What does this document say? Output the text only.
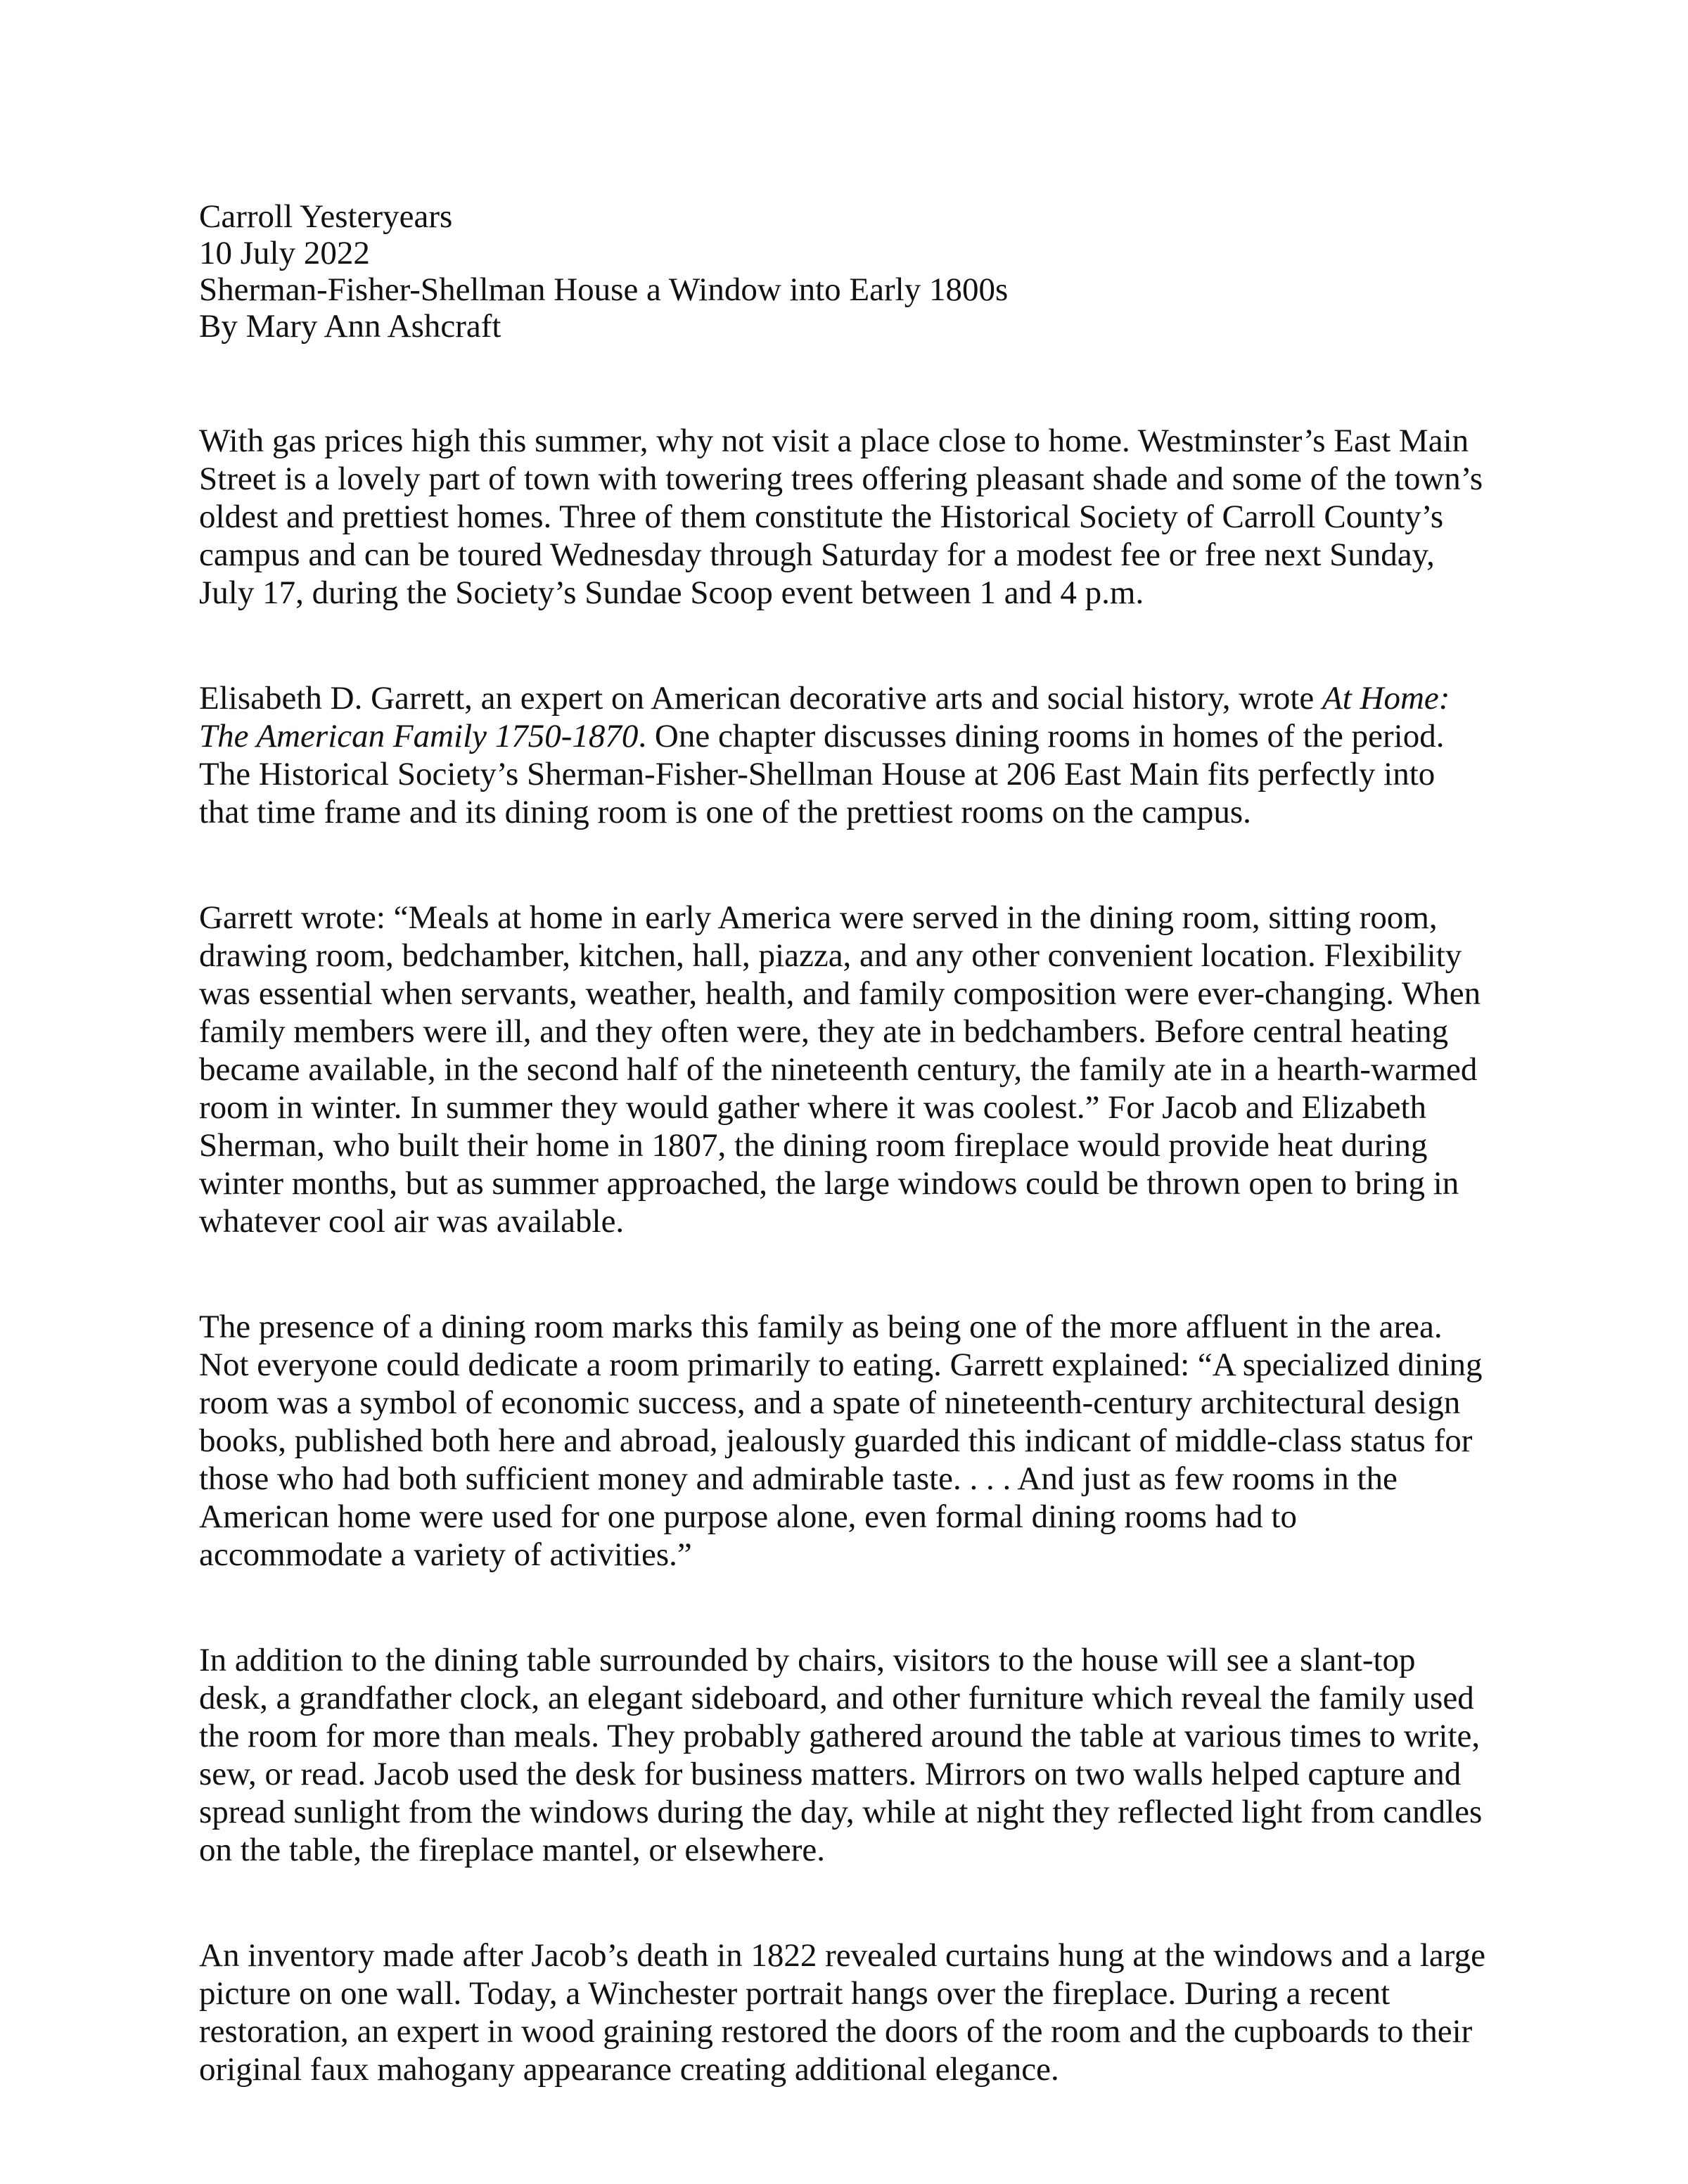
Carroll Yesteryears
10 July 2022
Sherman-Fisher-Shellman House a Window into Early 1800s
By Mary Ann Ashcraft
With gas prices high this summer, why not visit a place close to home. Westminster’s East Main
Street is a lovely part of town with towering trees offering pleasant shade and some of the town’s
oldest and prettiest homes. Three of them constitute the Historical Society of Carroll County’s
campus and can be toured Wednesday through Saturday for a modest fee or free next Sunday,
July 17, during the Society’s Sundae Scoop event between 1 and 4 p.m.
Elisabeth D. Garrett, an expert on American decorative arts and social history, wrote At Home:
The American Family 1750-1870. One chapter discusses dining rooms in homes of the period.
The Historical Society’s Sherman-Fisher-Shellman House at 206 East Main fits perfectly into
that time frame and its dining room is one of the prettiest rooms on the campus.
Garrett wrote: “Meals at home in early America were served in the dining room, sitting room,
drawing room, bedchamber, kitchen, hall, piazza, and any other convenient location. Flexibility
was essential when servants, weather, health, and family composition were ever-changing. When
family members were ill, and they often were, they ate in bedchambers. Before central heating
became available, in the second half of the nineteenth century, the family ate in a hearth-warmed
room in winter. In summer they would gather where it was coolest.” For Jacob and Elizabeth
Sherman, who built their home in 1807, the dining room fireplace would provide heat during
winter months, but as summer approached, the large windows could be thrown open to bring in
whatever cool air was available.
The presence of a dining room marks this family as being one of the more affluent in the area.
Not everyone could dedicate a room primarily to eating. Garrett explained: “A specialized dining
room was a symbol of economic success, and a spate of nineteenth-century architectural design
books, published both here and abroad, jealously guarded this indicant of middle-class status for
those who had both sufficient money and admirable taste. . . . And just as few rooms in the
American home were used for one purpose alone, even formal dining rooms had to
accommodate a variety of activities.”
In addition to the dining table surrounded by chairs, visitors to the house will see a slant-top
desk, a grandfather clock, an elegant sideboard, and other furniture which reveal the family used
the room for more than meals. They probably gathered around the table at various times to write,
sew, or read. Jacob used the desk for business matters. Mirrors on two walls helped capture and
spread sunlight from the windows during the day, while at night they reflected light from candles
on the table, the fireplace mantel, or elsewhere.
An inventory made after Jacob’s death in 1822 revealed curtains hung at the windows and a large
picture on one wall. Today, a Winchester portrait hangs over the fireplace. During a recent
restoration, an expert in wood graining restored the doors of the room and the cupboards to their
original faux mahogany appearance creating additional elegance.
